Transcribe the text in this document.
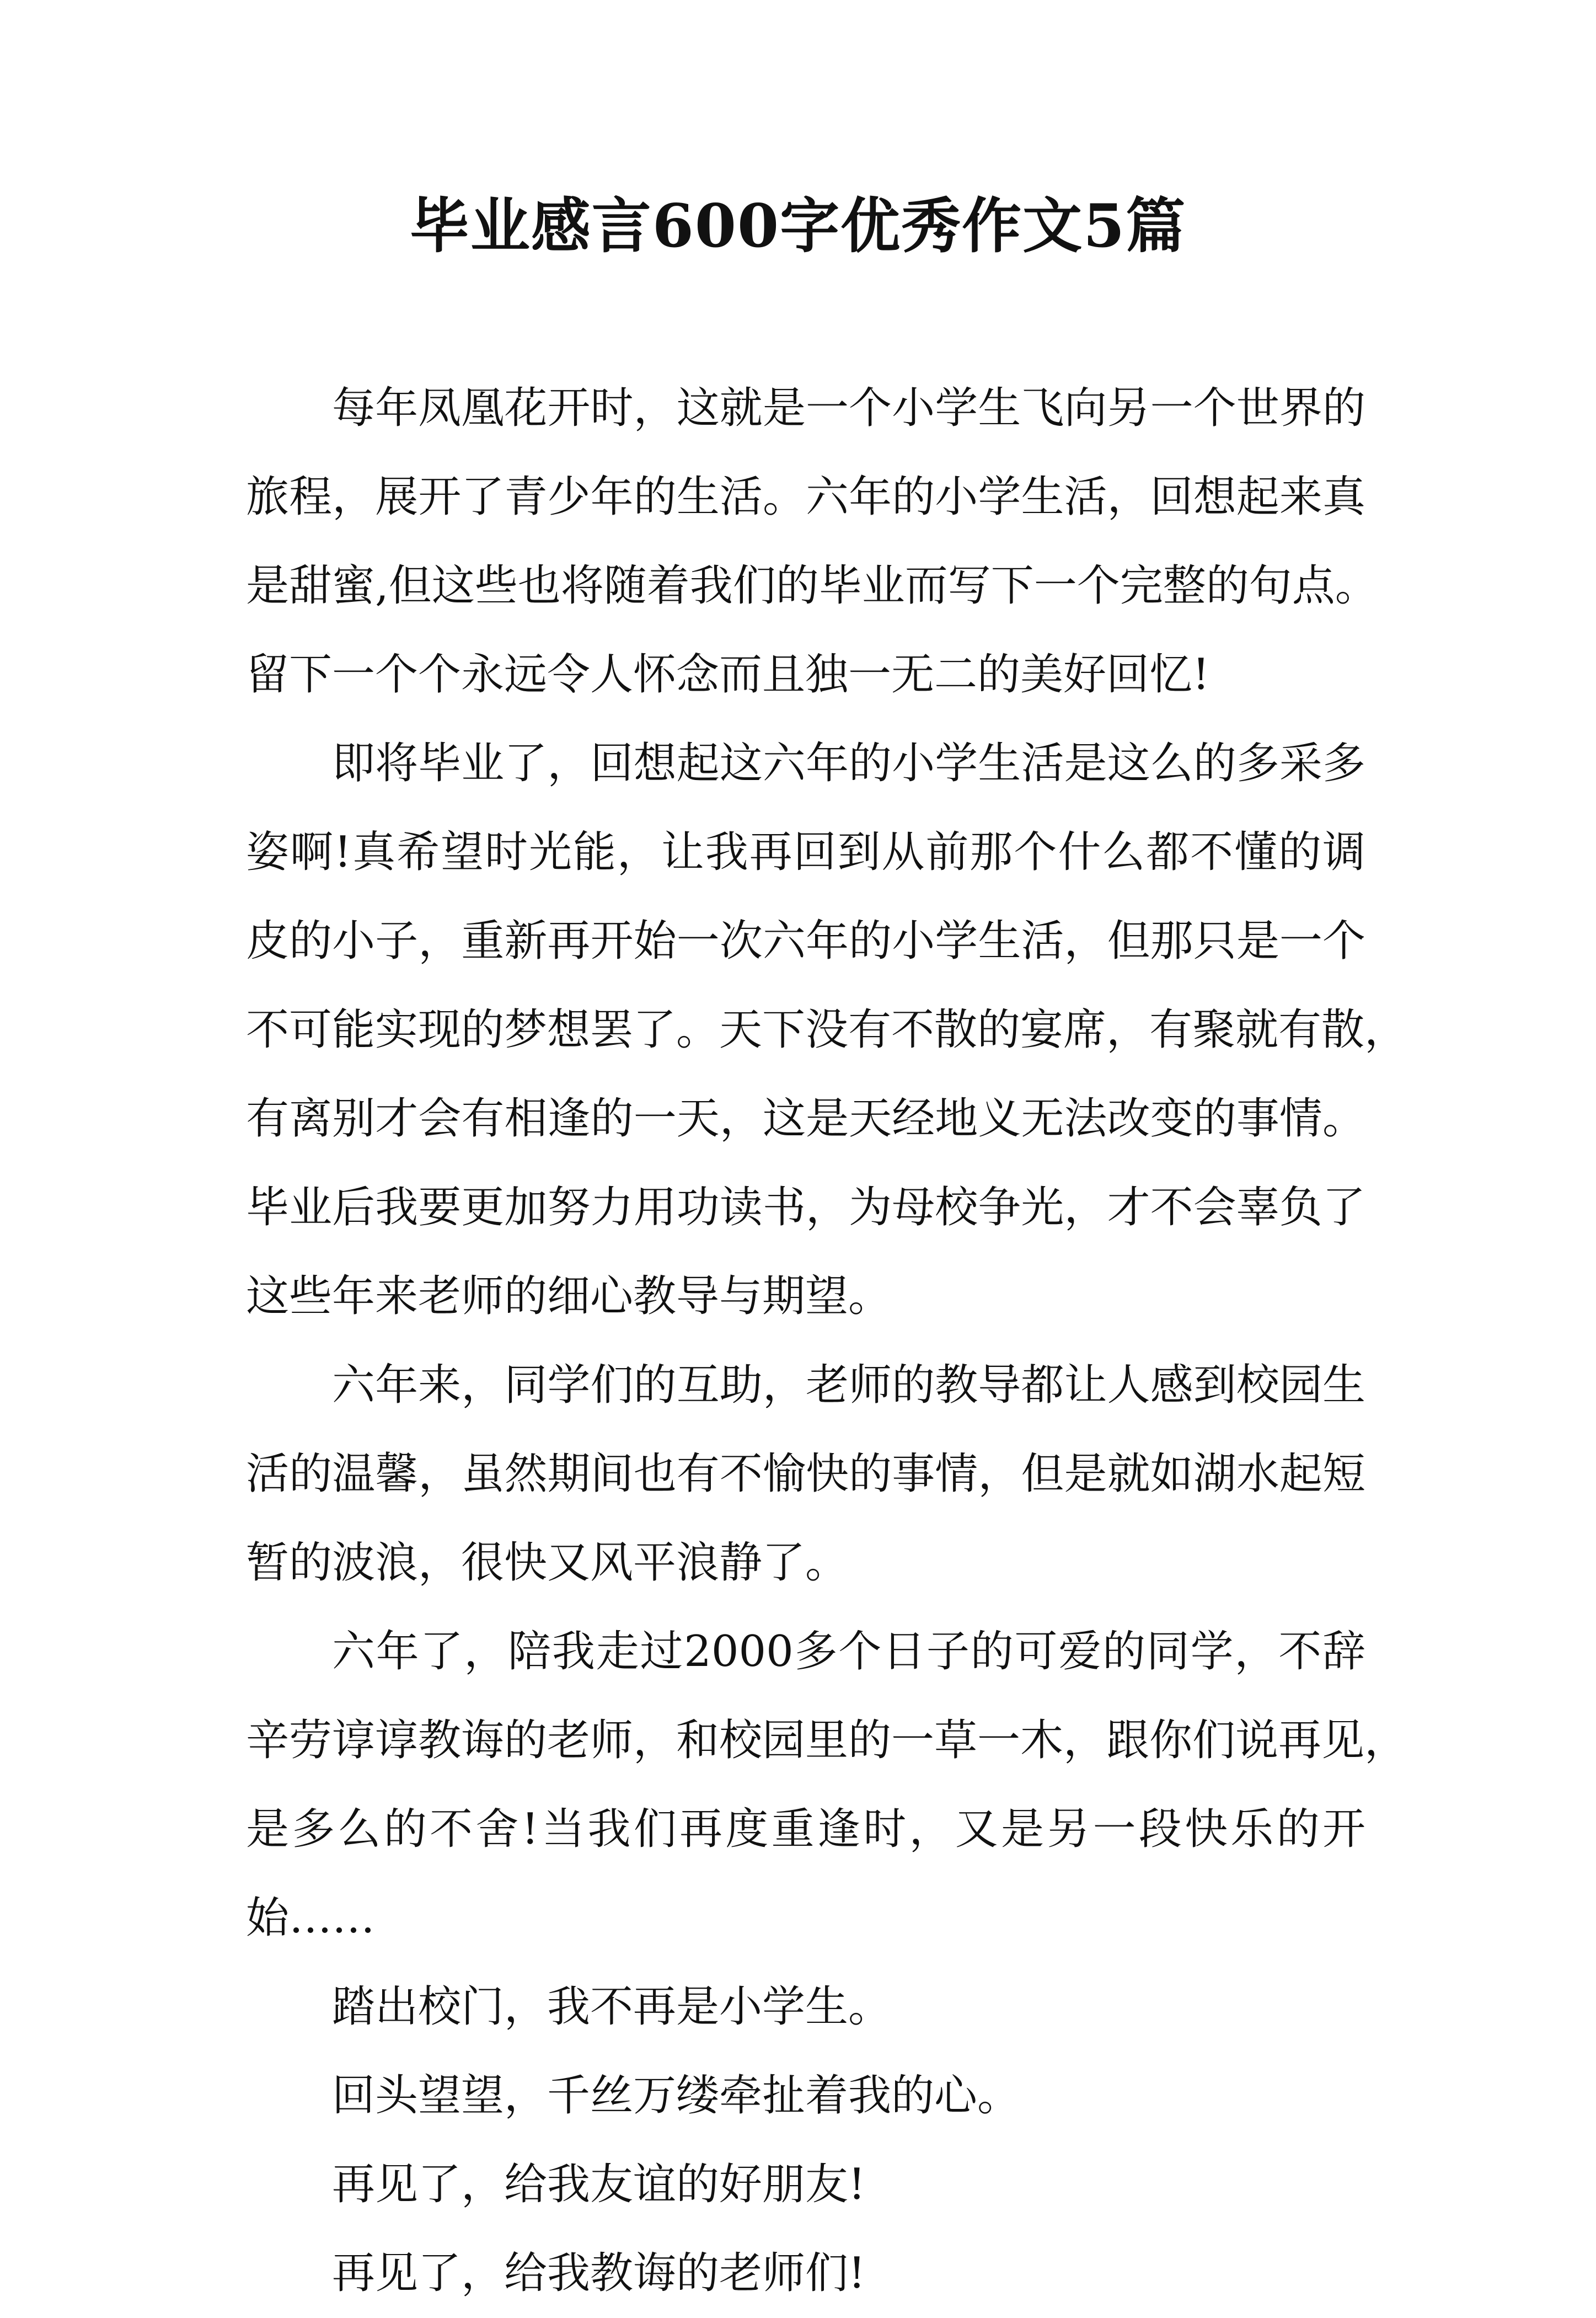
毕业感言600字优秀作文5篇
每年凤凰花开时，这就是一个小学生飞向另一个世界的
旅程，展开了青少年的生活。六年的小学生活，回想起来真
是甜蜜,但这些也将随着我们的毕业而写下一个完整的句点。
留下一个个永远令人怀念而且独一无二的美好回忆!
即将毕业了，回想起这六年的小学生活是这么的多采多
姿啊!真希望时光能，让我再回到从前那个什么都不懂的调
皮的小子，重新再开始一次六年的小学生活，但那只是一个
不可能实现的梦想罢了。天下没有不散的宴席，有聚就有散，
有离别才会有相逢的一天，这是天经地义无法改变的事情。
毕业后我要更加努力用功读书，为母校争光，才不会辜负了
这些年来老师的细心教导与期望。
六年来，同学们的互助，老师的教导都让人感到校园生
活的温馨，虽然期间也有不愉快的事情，但是就如湖水起短
暂的波浪，很快又风平浪静了。
六年了，陪我走过2000多个日子的可爱的同学，不辞
辛劳谆谆教诲的老师，和校园里的一草一木，跟你们说再见，
是多么的不舍!当我们再度重逢时，又是另一段快乐的开
始……
踏出校门，我不再是小学生。
回头望望，千丝万缕牵扯着我的心。
再见了，给我友谊的好朋友!
再见了，给我教诲的老师们!
